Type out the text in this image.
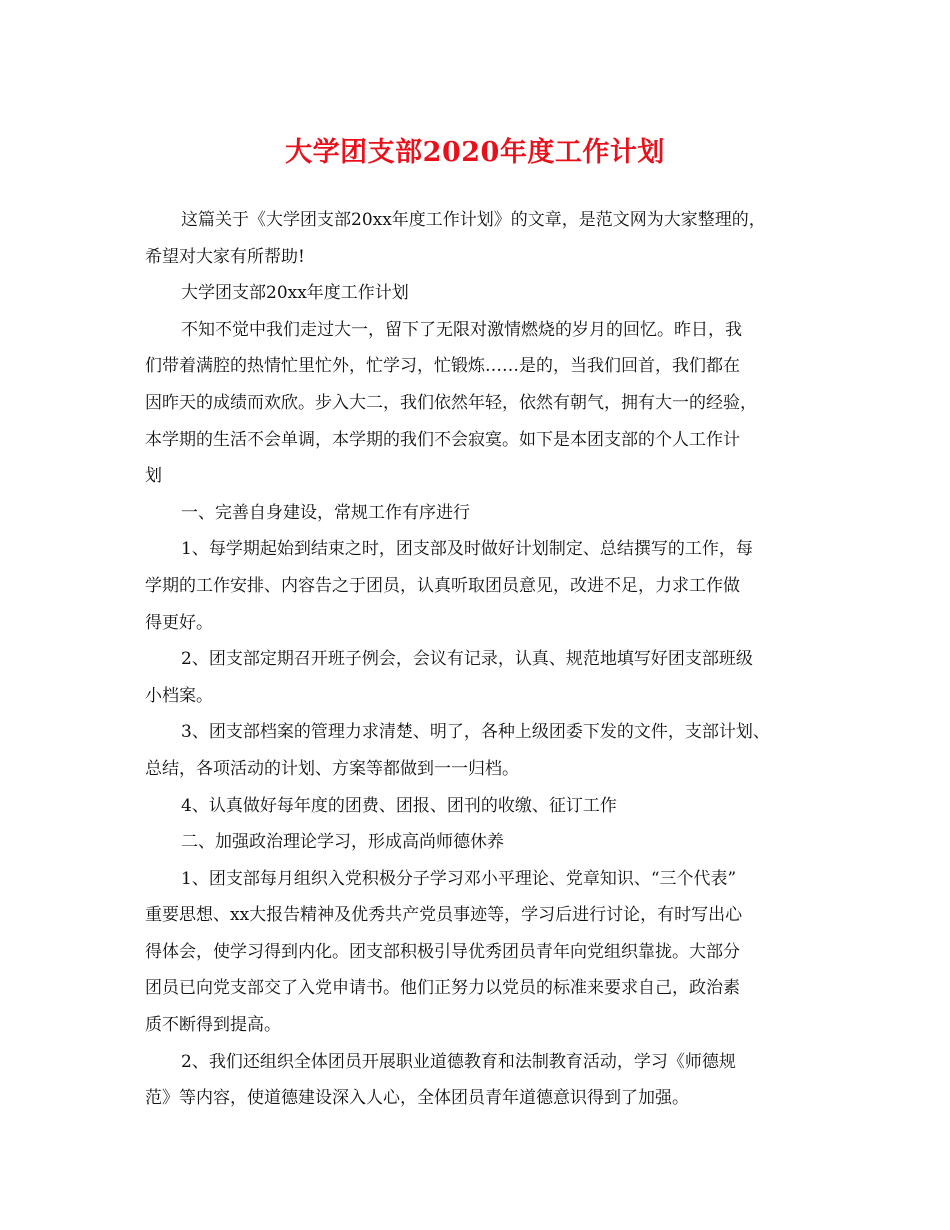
大学团支部2020年度工作计划
这篇关于《大学团支部20xx年度工作计划》的文章，是范文网为大家整理的，
希望对大家有所帮助!
大学团支部20xx年度工作计划
不知不觉中我们走过大一，留下了无限对激情燃烧的岁月的回忆。昨日，我
们带着满腔的热情忙里忙外，忙学习，忙锻炼……是的，当我们回首，我们都在
因昨天的成绩而欢欣。步入大二，我们依然年轻，依然有朝气，拥有大一的经验，
本学期的生活不会单调，本学期的我们不会寂寞。如下是本团支部的个人工作计
划
一、完善自身建设，常规工作有序进行
1、每学期起始到结束之时，团支部及时做好计划制定、总结撰写的工作，每
学期的工作安排、内容告之于团员，认真听取团员意见，改进不足，力求工作做
得更好。
2、团支部定期召开班子例会，会议有记录，认真、规范地填写好团支部班级
小档案。
3、团支部档案的管理力求清楚、明了，各种上级团委下发的文件，支部计划、
总结，各项活动的计划、方案等都做到一一归档。
4、认真做好每年度的团费、团报、团刊的收缴、征订工作
二、加强政治理论学习，形成高尚师德休养
1、团支部每月组织入党积极分子学习邓小平理论、党章知识、“三个代表”
重要思想、xx大报告精神及优秀共产党员事迹等，学习后进行讨论，有时写出心
得体会，使学习得到内化。团支部积极引导优秀团员青年向党组织靠拢。大部分
团员已向党支部交了入党申请书。他们正努力以党员的标准来要求自己，政治素
质不断得到提高。
2、我们还组织全体团员开展职业道德教育和法制教育活动，学习《师德规
范》等内容，使道德建设深入人心，全体团员青年道德意识得到了加强。
